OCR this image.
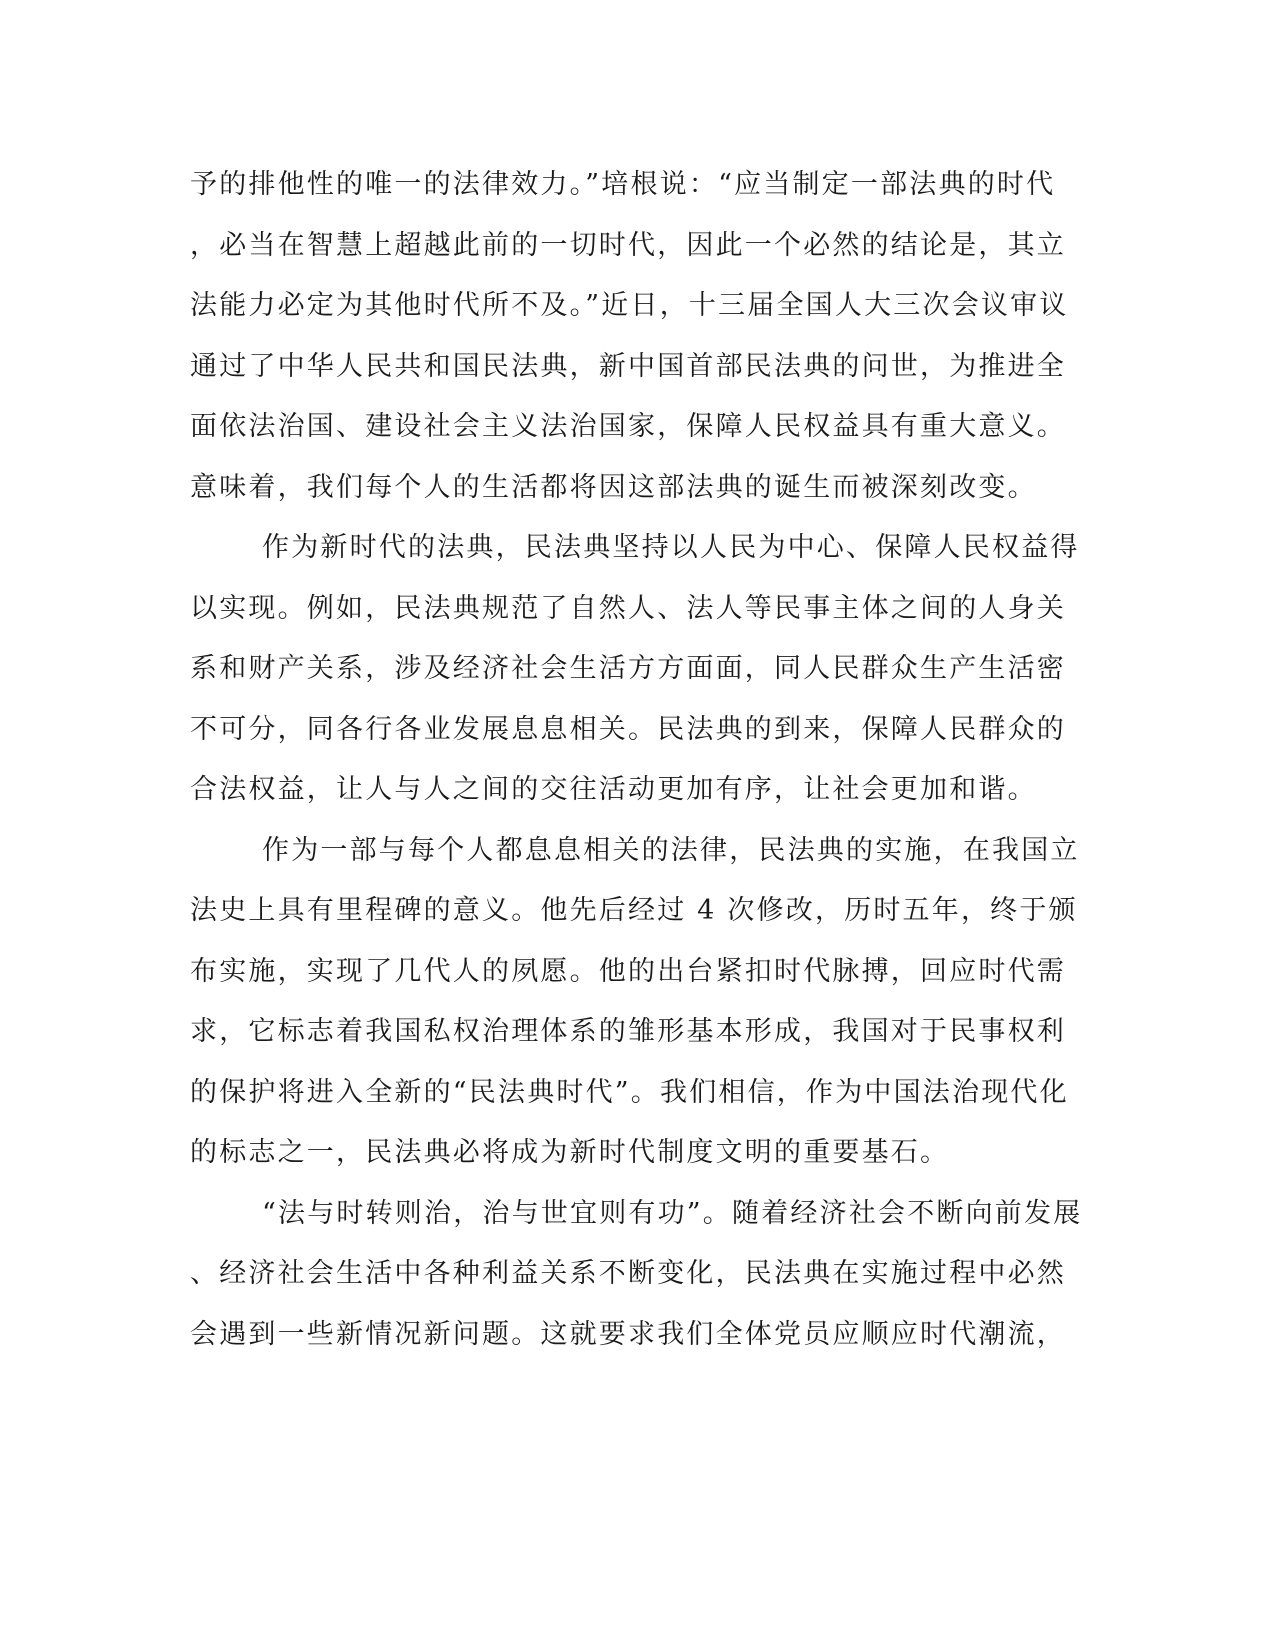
予的排他性的唯一的法律效力。”培根说：“应当制定一部法典的时代
，必当在智慧上超越此前的一切时代，因此一个必然的结论是，其立
法能力必定为其他时代所不及。”近日，十三届全国人大三次会议审议
通过了中华人民共和国民法典，新中国首部民法典的问世，为推进全
面依法治国、建设社会主义法治国家，保障人民权益具有重大意义。
意味着，我们每个人的生活都将因这部法典的诞生而被深刻改变。
作为新时代的法典，民法典坚持以人民为中心、保障人民权益得
以实现。例如，民法典规范了自然人、法人等民事主体之间的人身关
系和财产关系，涉及经济社会生活方方面面，同人民群众生产生活密
不可分，同各行各业发展息息相关。民法典的到来，保障人民群众的
合法权益，让人与人之间的交往活动更加有序，让社会更加和谐。
作为一部与每个人都息息相关的法律，民法典的实施，在我国立
法史上具有里程碑的意义。他先后经过 4 次修改，历时五年，终于颁
布实施，实现了几代人的夙愿。他的出台紧扣时代脉搏，回应时代需
求，它标志着我国私权治理体系的雏形基本形成，我国对于民事权利
的保护将进入全新的“民法典时代”。我们相信，作为中国法治现代化
的标志之一，民法典必将成为新时代制度文明的重要基石。
“法与时转则治，治与世宜则有功”。随着经济社会不断向前发展
、经济社会生活中各种利益关系不断变化，民法典在实施过程中必然
会遇到一些新情况新问题。这就要求我们全体党员应顺应时代潮流，
